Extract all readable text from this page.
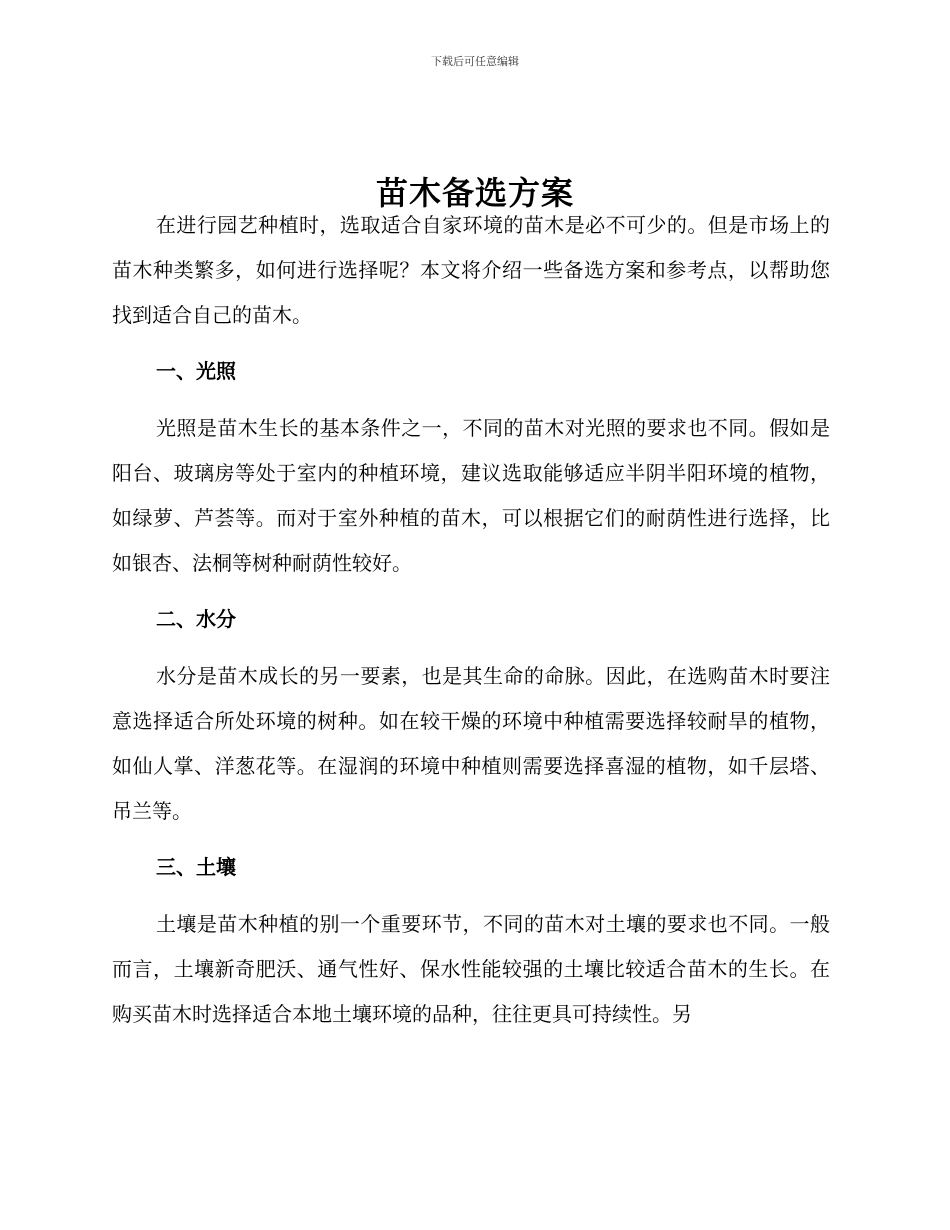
下载后可任意编辑
苗木备选方案

在进行园艺种植时，选取适合自家环境的苗木是必不可少的。但是市场上的苗木种类繁多，如何进行选择呢？本文将介绍一些备选方案和参考点，以帮助您找到适合自己的苗木。

一、光照

光照是苗木生长的基本条件之一，不同的苗木对光照的要求也不同。假如是阳台、玻璃房等处于室内的种植环境，建议选取能够适应半阴半阳环境的植物，如绿萝、芦荟等。而对于室外种植的苗木，可以根据它们的耐荫性进行选择，比如银杏、法桐等树种耐荫性较好。

二、水分

水分是苗木成长的另一要素，也是其生命的命脉。因此，在选购苗木时要注意选择适合所处环境的树种。如在较干燥的环境中种植需要选择较耐旱的植物，如仙人掌、洋葱花等。在湿润的环境中种植则需要选择喜湿的植物，如千层塔、吊兰等。

三、土壤

土壤是苗木种植的别一个重要环节，不同的苗木对土壤的要求也不同。一般而言，土壤新奇肥沃、通气性好、保水性能较强的土壤比较适合苗木的生长。在购买苗木时选择适合本地土壤环境的品种，往往更具可持续性。另
